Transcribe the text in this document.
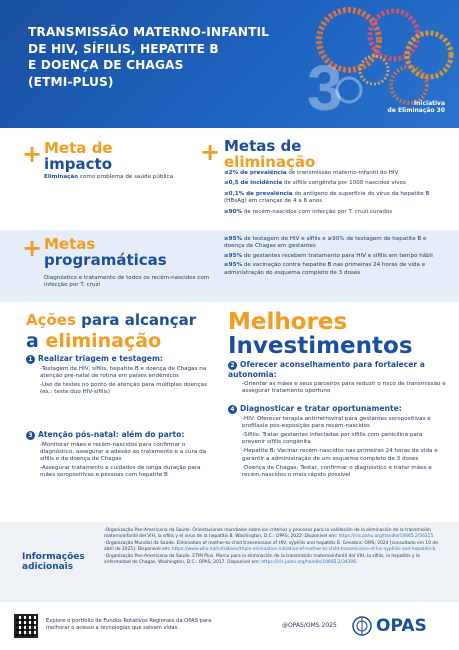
TRANSMISSÃO MATERNO-INFANTIL
DE HIV, SÍFILIS, HEPATITE B
E DOENÇA DE CHAGAS
(ETMI-PLUS)	3	Iniciativa
de Eliminação 30
+ Meta de
impacto
Eliminação como problema de saúde pública
+ Metas de
eliminação
≤2% de prevalência de transmissão materno-infantil do HIV
≤0,5 de incidência de sífilis congênita por 1000 nascidos vivos
≤0,1% de prevalência do antígeno de superfície do vírus da hepatite B (HBsAg) em crianças de 4 a 6 anos
≥90% de recém-nascidos com infecção por T. cruzi curados
+ Metas
programáticas
Diagnóstico e tratamento de todos os recém-nascidos com infecção por T. cruzi
≥95% de testagem de HIV e sífilis e ≥90% de testagem de hepatite B e doença de Chagas em gestantes
≥95% de gestantes recebem tratamento para HIV e sífilis em tempo hábil
≥95% de vacinação contra hepatite B nas primeiras 24 horas de vida e administração do esquema completo de 3 doses
Ações para alcançar
a eliminação
1 Realizar triagem e testagem:
-Testagem de HIV, sífilis, hepatite B e doença de Chagas na atenção pré-natal de rotina em países endêmicos
-Uso de testes no ponto de atenção para múltiplas doenças (ex.: teste duo HIV-sífilis)
3 Atenção pós-natal: além do parto:
-Monitorar mães e recém-nascidos para confirmar o diagnóstico, assegurar a adesão ao tratamento e a cura da sífilis e da doença de Chagas
-Assegurar tratamento e cuidados de longa duração para mães soropositivas e pessoas com hepatite B
Melhores
Investimentos
2 Oferecer aconselhamento para fortalecer a autonomia:
-Orientar as mães e seus parceiros para reduzir o risco de transmissão e assegurar tratamento oportuno
4 Diagnosticar e tratar oportunamente:
-HIV: Oferecer terapia antirretroviral para gestantes soropositivas e profilaxia pós-exposição para recém-nascidos
-Sífilis: Tratar gestantes infectadas por sífilis com penicilina para prevenir sífilis congênita
-Hepatite B: Vacinar recém-nascidos nas primeiras 24 horas de vida e garantir a administração de um esquema completo de 3 doses
-Doença de Chagas: Testar, confirmar o diagnóstico e tratar mães e recém-nascidos o mais rápido possível
Informações
adicionais
-Organização Pan-Americana da Saúde. Orientaciones mundiales sobre los criterios y procesos para la validación de la eliminación de la transmisión maternoinfantil del VIH, la sífilis y el virus de la hepatitis B. Washington, D.C.: OPAS; 2022. Disponível em: https://iris.paho.org/handle/10665.2/56215.
-Organização Mundial da Saúde. Elimination of mother-to-child transmission of HIV, syphilis and hepatitis B. Genebra: OMS; 2024 [consultado em 10 de abril de 2025]. Disponível em: https://www.who.int/initiatives/triple-elimination-initiative-of-mother-to-child-transmission-of-hiv-syphilis-and-hepatitis-b.
-Organização Pan-Americana da Saúde. ETMI Plus. Marco para la eliminación de la transmisión maternoinfantil del VIH, la sífilis, la hepatitis y la enfermedad de Chagas. Washington, D.C.: OPAS; 2017. Disponível em: https://iris.paho.org/handle/10665.2/34306.
Explore o portfólio de Fundos Rotativos Regionais da OPAS para melhorar o acesso a tecnologias que salvam vidas.	@OPAS/OMS 2025 OPAS
